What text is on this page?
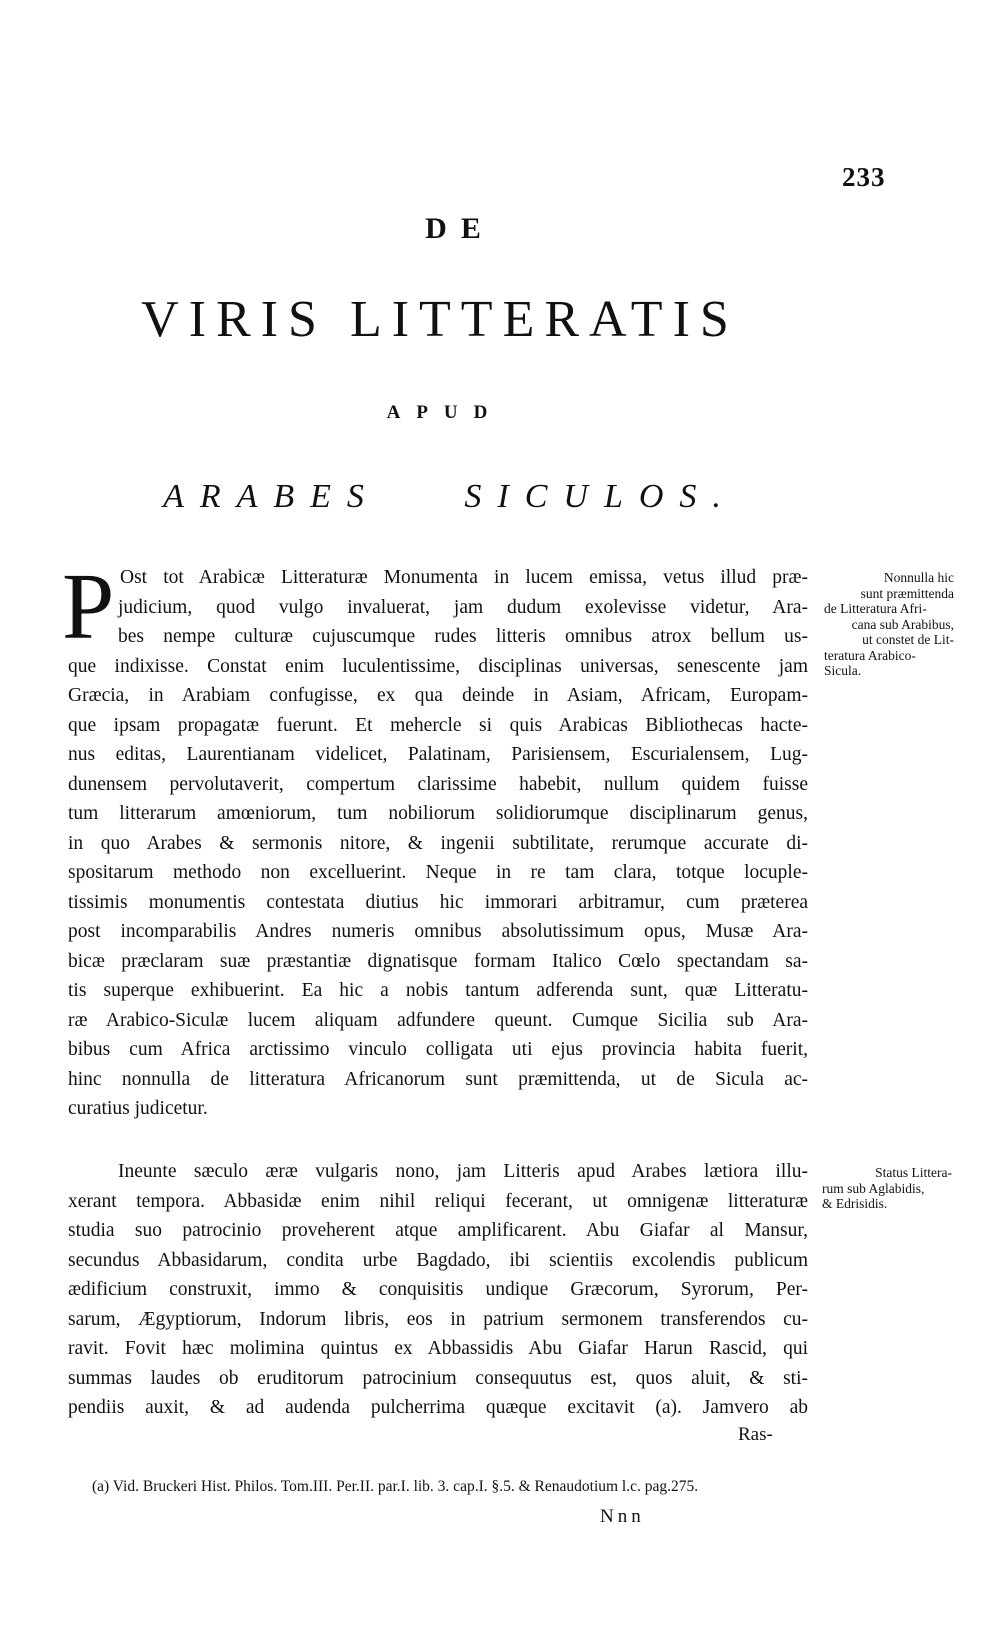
233
DE
VIRIS LITTERATIS
APUD
ARABES SICULOS.
P Ost tot Arabicæ Litteraturæ Monumenta in lucem emissa, vetus illud præ-
judicium, quod vulgo invaluerat, jam dudum exolevisse videtur, Ara-
bes nempe culturæ cujuscumque rudes litteris omnibus atrox bellum us-
que indixisse. Constat enim luculentissime, disciplinas universas, senescente jam
Græcia, in Arabiam confugisse, ex qua deinde in Asiam, Africam, Europam-
que ipsam propagatæ fuerunt. Et mehercle si quis Arabicas Bibliothecas hacte-
nus editas, Laurentianam videlicet, Palatinam, Parisiensem, Escurialensem, Lug-
dunensem pervolutaverit, compertum clarissime habebit, nullum quidem fuisse
tum litterarum amœniorum, tum nobiliorum solidiorumque disciplinarum genus,
in quo Arabes & sermonis nitore, & ingenii subtilitate, rerumque accurate di-
spositarum methodo non excelluerint. Neque in re tam clara, totque locuple-
tissimis monumentis contestata diutius hic immorari arbitramur, cum præterea
post incomparabilis Andres numeris omnibus absolutissimum opus, Musæ Ara-
bicæ præclaram suæ præstantiæ dignatisque formam Italico Cœlo spectandam sa-
tis superque exhibuerint. Ea hic a nobis tantum adferenda sunt, quæ Litteratu-
ræ Arabico-Siculæ lucem aliquam adfundere queunt. Cumque Sicilia sub Ara-
bibus cum Africa arctissimo vinculo colligata uti ejus provincia habita fuerit,
hinc nonnulla de litteratura Africanorum sunt præmittenda, ut de Sicula ac-
curatius judicetur.
Nonnulla hic
sunt præmittenda
de Litteratura Afri-
cana sub Arabibus,
ut constet de Lit-
teratura Arabico-
Sicula.
Ineunte sæculo æræ vulgaris nono, jam Litteris apud Arabes lætiora illu-
xerant tempora. Abbasidæ enim nihil reliqui fecerant, ut omnigenæ litteraturæ
studia suo patrocinio proveherent atque amplificarent. Abu Giafar al Mansur,
secundus Abbasidarum, condita urbe Bagdado, ibi scientiis excolendis publicum
ædificium construxit, immo & conquisitis undique Græcorum, Syrorum, Per-
sarum, Ægyptiorum, Indorum libris, eos in patrium sermonem transferendos cu-
ravit. Fovit hæc molimina quintus ex Abbassidis Abu Giafar Harun Rascid, qui
summas laudes ob eruditorum patrocinium consequutus est, quos aluit, & sti-
pendiis auxit, & ad audenda pulcherrima quæque excitavit (a). Jamvero ab
Status Littera-
rum sub Aglabidis,
& Edrisidis.
Ras-
(a) Vid. Bruckeri Hist. Philos. Tom.III. Per.II. par.I. lib. 3. cap.I. §.5. & Renaudotium l.c. pag.275.
Nnn
